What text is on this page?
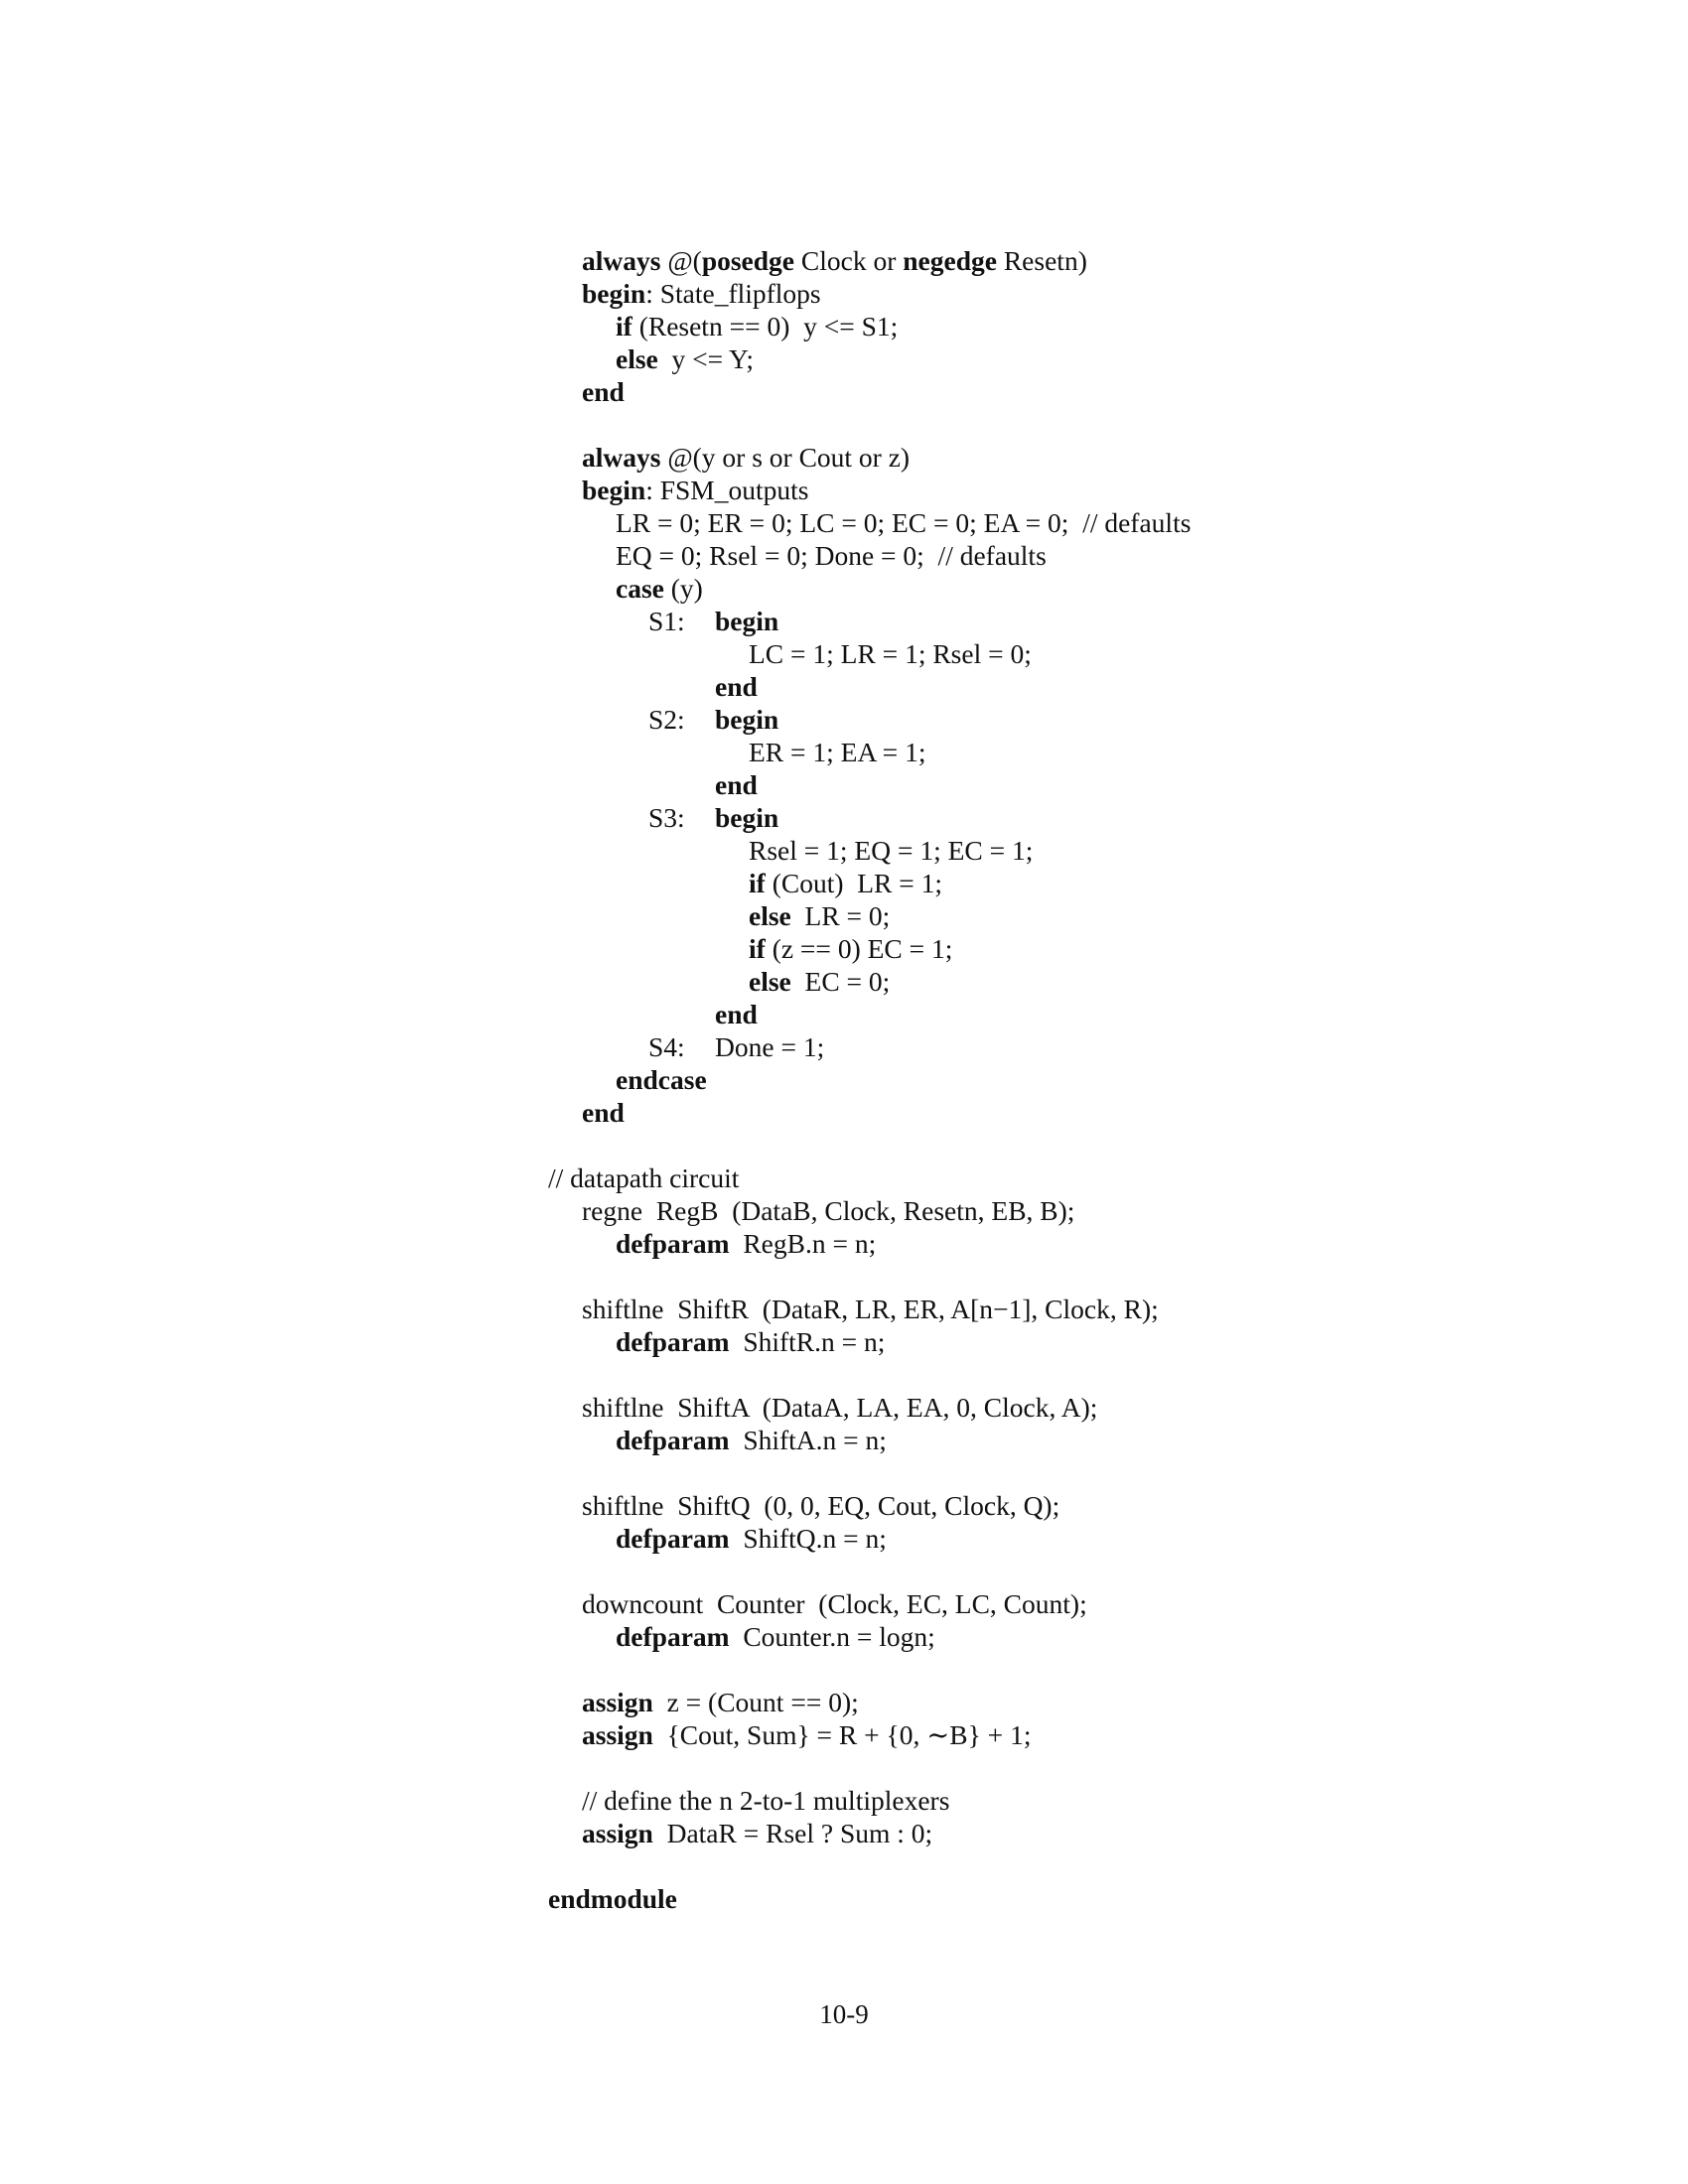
always @(posedge Clock or negedge Resetn)
begin: State_flipflops
if (Resetn == 0)  y <= S1;
else  y <= Y;
end
always @(y or s or Cout or z)
begin: FSM_outputs
LR = 0; ER = 0; LC = 0; EC = 0; EA = 0;  // defaults
EQ = 0; Rsel = 0; Done = 0;  // defaults
case (y)
begin
S1:
LC = 1; LR = 1; Rsel = 0;
end
begin
S2:
ER = 1; EA = 1;
end
begin
S3:
Rsel = 1; EQ = 1; EC = 1;
if (Cout)  LR = 1;
else  LR = 0;
if (z == 0) EC = 1;
else  EC = 0;
end
Done = 1;
S4:
endcase
end
// datapath circuit
regne  RegB  (DataB, Clock, Resetn, EB, B);
defparam  RegB.n = n;
shiftlne  ShiftR  (DataR, LR, ER, A[n−1], Clock, R);
defparam  ShiftR.n = n;
shiftlne  ShiftA  (DataA, LA, EA, 0, Clock, A);
defparam  ShiftA.n = n;
shiftlne  ShiftQ  (0, 0, EQ, Cout, Clock, Q);
defparam  ShiftQ.n = n;
downcount  Counter  (Clock, EC, LC, Count);
defparam  Counter.n = logn;
assign  z = (Count == 0);
assign  {Cout, Sum} = R + {0, ∼B} + 1;
// define the n 2-to-1 multiplexers
assign  DataR = Rsel ? Sum : 0;
endmodule
10-9
